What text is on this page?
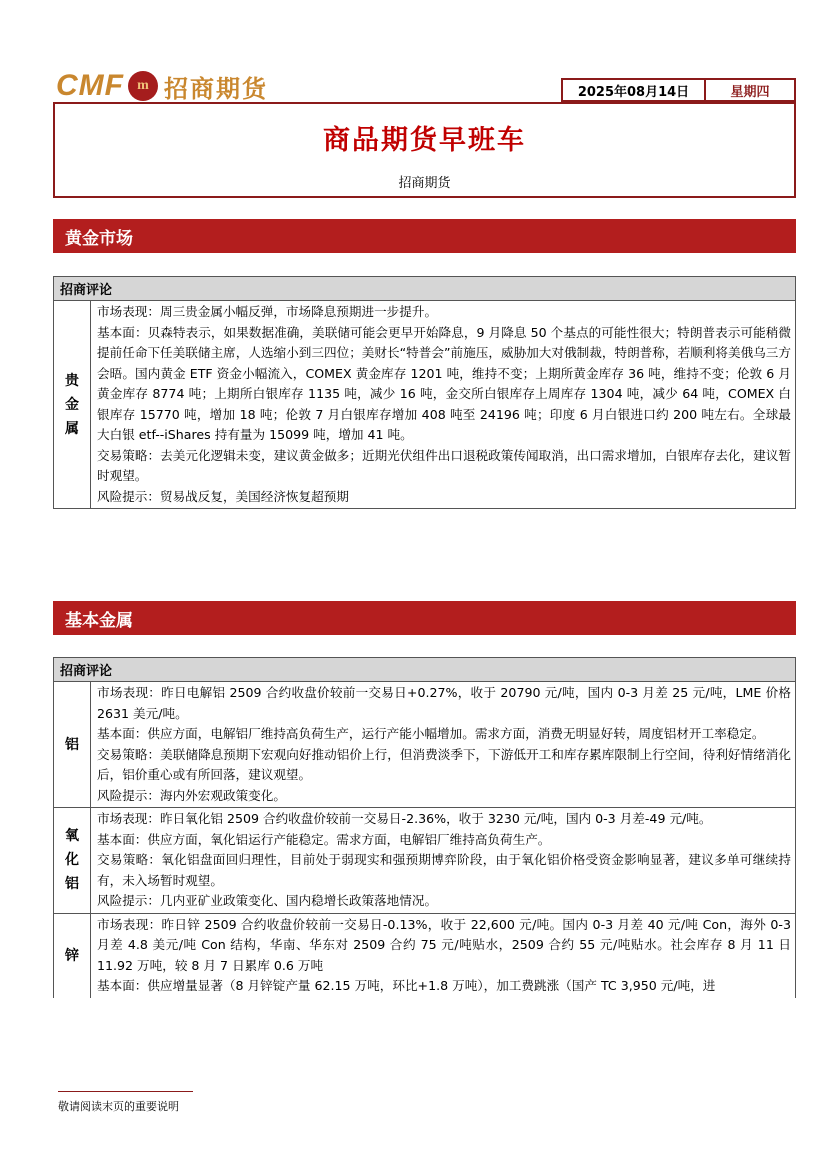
CMF m 招商期货	2025年08月14日	星期四
商品期货早班车
招商期货
黄金市场
招商评论
贵
金
属

市场表现：周三贵金属小幅反弹，市场降息预期进一步提升。

基本面：贝森特表示，如果数据准确，美联储可能会更早开始降息，9 月降息 50 个基点的可能性很大；特朗普表示可能稍微提前任命下任美联储主席，人选缩小到三四位；美财长“特普会”前施压，威胁加大对俄制裁，特朗普称，若顺利将美俄乌三方会晤。国内黄金 ETF 资金小幅流入，COMEX 黄金库存 1201 吨，维持不变；上期所黄金库存 36 吨，维持不变；伦敦 6 月黄金库存 8774 吨；上期所白银库存 1135 吨，减少 16 吨，金交所白银库存上周库存 1304 吨，减少 64 吨，COMEX 白银库存 15770 吨，增加 18 吨；伦敦 7 月白银库存增加 408 吨至 24196 吨；印度 6 月白银进口约 200 吨左右。全球最大白银 etf--iShares 持有量为 15099 吨，增加 41 吨。

交易策略：去美元化逻辑未变，建议黄金做多；近期光伏组件出口退税政策传闻取消，出口需求增加，白银库存去化，建议暂时观望。

风险提示：贸易战反复，美国经济恢复超预期

基本金属
招商评论
铝

市场表现：昨日电解铝 2509 合约收盘价较前一交易日+0.27%，收于 20790 元/吨，国内 0-3 月差 25 元/吨，LME 价格 2631 美元/吨。

基本面：供应方面，电解铝厂维持高负荷生产，运行产能小幅增加。需求方面，消费无明显好转，周度铝材开工率稳定。

交易策略：美联储降息预期下宏观向好推动铝价上行，但消费淡季下，下游低开工和库存累库限制上行空间，待利好情绪消化后，铝价重心或有所回落，建议观望。

风险提示：海内外宏观政策变化。

氧
化
铝

市场表现：昨日氧化铝 2509 合约收盘价较前一交易日-2.36%，收于 3230 元/吨，国内 0-3 月差-49 元/吨。

基本面：供应方面，氧化铝运行产能稳定。需求方面，电解铝厂维持高负荷生产。

交易策略：氧化铝盘面回归理性，目前处于弱现实和强预期博弈阶段，由于氧化铝价格受资金影响显著，建议多单可继续持有，未入场暂时观望。

风险提示：几内亚矿业政策变化、国内稳增长政策落地情况。

锌

市场表现：昨日锌 2509 合约收盘价较前一交易日-0.13%，收于 22,600 元/吨。国内 0-3 月差 40 元/吨 Con，海外 0-3 月差 4.8 美元/吨 Con 结构，华南、华东对 2509 合约 75 元/吨贴水，2509 合约 55 元/吨贴水。社会库存 8 月 11 日 11.92 万吨，较 8 月 7 日累库 0.6 万吨

基本面：供应增量显著（8 月锌锭产量 62.15 万吨，环比+1.8 万吨），加工费跳涨（国产 TC 3,950 元/吨，进

敬请阅读末页的重要说明
